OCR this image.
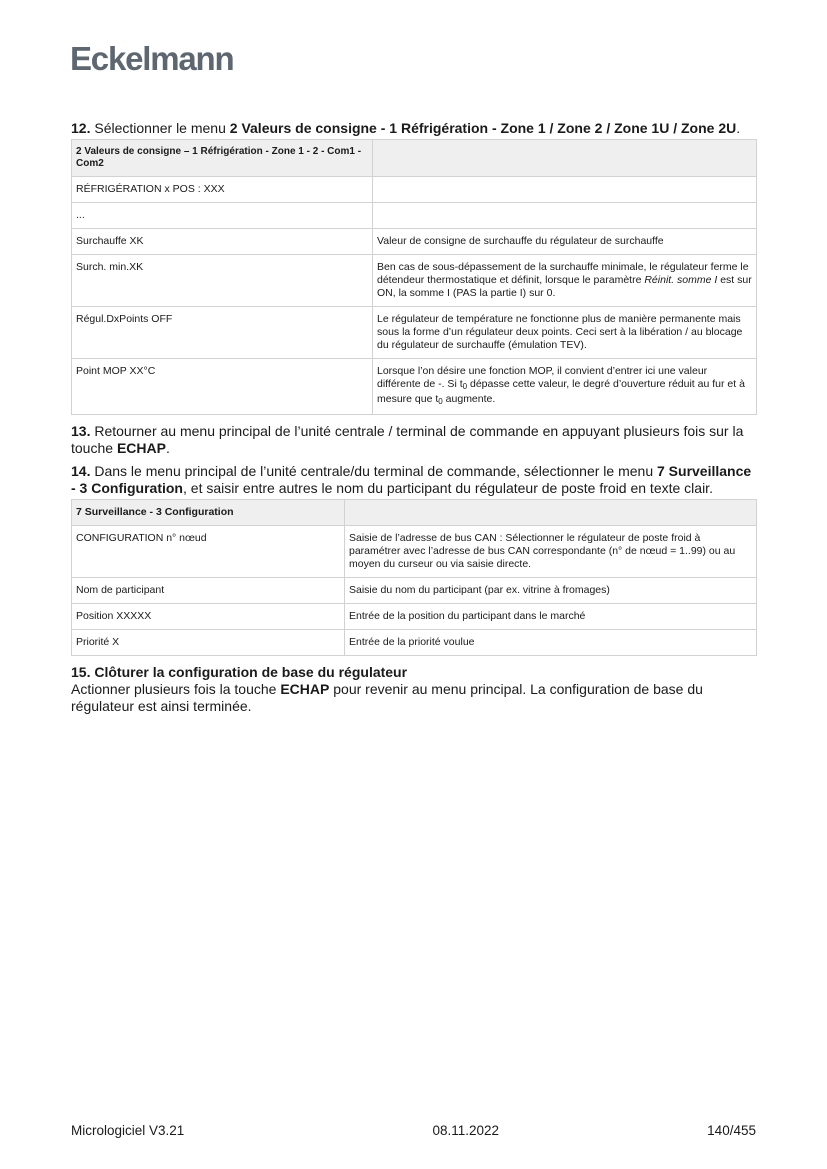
Eckelmann

12. Sélectionner le menu 2 Valeurs de consigne - 1 Réfrigération - Zone 1 / Zone 2 / Zone 1U / Zone 2U.

2 Valeurs de consigne – 1 Réfrigération - Zone 1 - 2 - Com1 - Com2	
RÉFRIGÉRATION x POS : XXX	
...	
Surchauffe XK	Valeur de consigne de surchauffe du régulateur de surchauffe
Surch. min.XK	Ben cas de sous-dépassement de la surchauffe minimale, le régulateur ferme le détendeur thermostatique et définit, lorsque le paramètre Réinit. somme I est sur ON, la somme I (PAS la partie I) sur 0.
Régul.DxPoints OFF	Le régulateur de température ne fonctionne plus de manière permanente mais sous la forme d’un régulateur deux points. Ceci sert à la libération / au blocage du régulateur de surchauffe (émulation TEV).
Point MOP XX°C	Lorsque l’on désire une fonction MOP, il convient d’entrer ici une valeur différente de -. Si $t_0$ dépasse cette valeur, le degré d’ouverture réduit au fur et à mesure que $t_0$ augmente.

13. Retourner au menu principal de l’unité centrale / terminal de commande en appuyant plusieurs fois sur la touche ECHAP.

14. Dans le menu principal de l’unité centrale/du terminal de commande, sélectionner le menu 7 Surveillance - 3 Configuration, et saisir entre autres le nom du participant du régulateur de poste froid en texte clair.

7 Surveillance - 3 Configuration	
CONFIGURATION n° nœud	Saisie de l’adresse de bus CAN : Sélectionner le régulateur de poste froid à paramétrer avec l’adresse de bus CAN correspondante (n° de nœud = 1..99) ou au moyen du curseur ou via saisie directe.
Nom de participant	Saisie du nom du participant (par ex. vitrine à fromages)
Position XXXXX	Entrée de la position du participant dans le marché
Priorité X	Entrée de la priorité voulue

15. Clôturer la configuration de base du régulateur
Actionner plusieurs fois la touche ECHAP pour revenir au menu principal. La configuration de base du régulateur est ainsi terminée.

Micrologiciel V3.21	08.11.2022	140/455
